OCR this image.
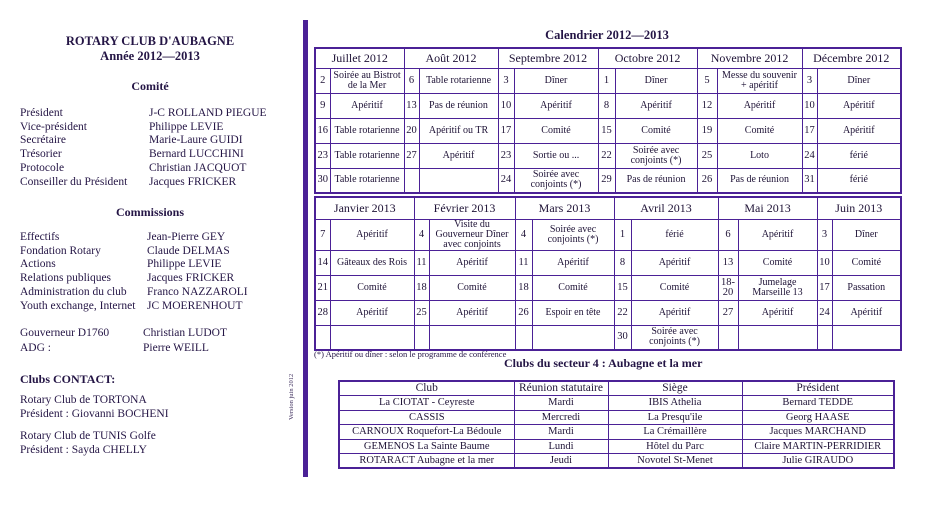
ROTARY CLUB D'AUBAGNE
Année 2012—2013
Comité
Président	J-C ROLLAND PIEGUE
Vice-président	Philippe LEVIE
Secrétaire	Marie-Laure GUIDI
Trésorier	Bernard LUCCHINI
Protocole	Christian JACQUOT
Conseiller du Président Jacques FRICKER
Commissions
Effectifs	Jean-Pierre GEY
Fondation Rotary	Claude DELMAS
Actions	Philippe LEVIE
Relations publiques	Jacques FRICKER
Administration du club Franco NAZZAROLI
Youth exchange, Internet JC MOERENHOUT
Gouverneur D1760	Christian LUDOT
ADG :	Pierre WEILL
Clubs CONTACT:
Rotary Club de TORTONA
Président : Giovanni BOCHENI
Rotary Club de TUNIS Golfe
Président : Sayda CHELLY
Version juin 2012
Calendrier 2012—2013
Juillet 2012		Août 2012		Septembre 2012		Octobre 2012		Novembre 2012		Décembre 2012	
2	Soirée au Bistrot de la Mer	6	Table rotarienne	3	Dîner	1	Dîner	5	Messe du souvenir + apéritif	3	Dîner
9	Apéritif	13	Pas de réunion	10	Apéritif	8	Apéritif	12	Apéritif	10	Apéritif
16	Table rotarienne	20	Apéritif ou TR	17	Comité	15	Comité	19	Comité	17	Apéritif
23	Table rotarienne	27	Apéritif	23	Sortie ou ...	22	Soirée avec conjoints (*)	25	Loto	24	férié
30	Table rotarienne			24	Soirée avec conjoints (*)	29	Pas de réunion	26	Pas de réunion	31	férié
Janvier 2013		Février 2013		Mars 2013		Avril 2013		Mai 2013		Juin 2013	
7	Apéritif	4	Visite du Gouverneur Dîner avec conjoints	4	Soirée avec conjoints (*)	1	férié	6	Apéritif	3	Dîner
14	Gâteaux des Rois	11	Apéritif	11	Apéritif	8	Apéritif	13	Comité	10	Comité
21	Comité	18	Comité	18	Comité	15	Comité	18-20	Jumelage Marseille 13	17	Passation
28	Apéritif	25	Apéritif	26	Espoir en tête	22	Apéritif	27	Apéritif	24	Apéritif
						30	Soirée avec conjoints (*)				
(*) Apéritif ou dîner : selon le programme de conférence
Clubs du secteur 4 : Aubagne et la mer
Club	Réunion statutaire	Siège	Président
La CIOTAT - Ceyreste	Mardi	IBIS Athelia	Bernard TEDDE
CASSIS	Mercredi	La Presqu'ile	Georg HAASE
CARNOUX Roquefort-La Bédoule	Mardi	La Crémaillère	Jacques MARCHAND
GEMENOS La Sainte Baume	Lundi	Hôtel du Parc	Claire MARTIN-PERRIDIER
ROTARACT Aubagne et la mer	Jeudi	Novotel St-Menet	Julie GIRAUDO
